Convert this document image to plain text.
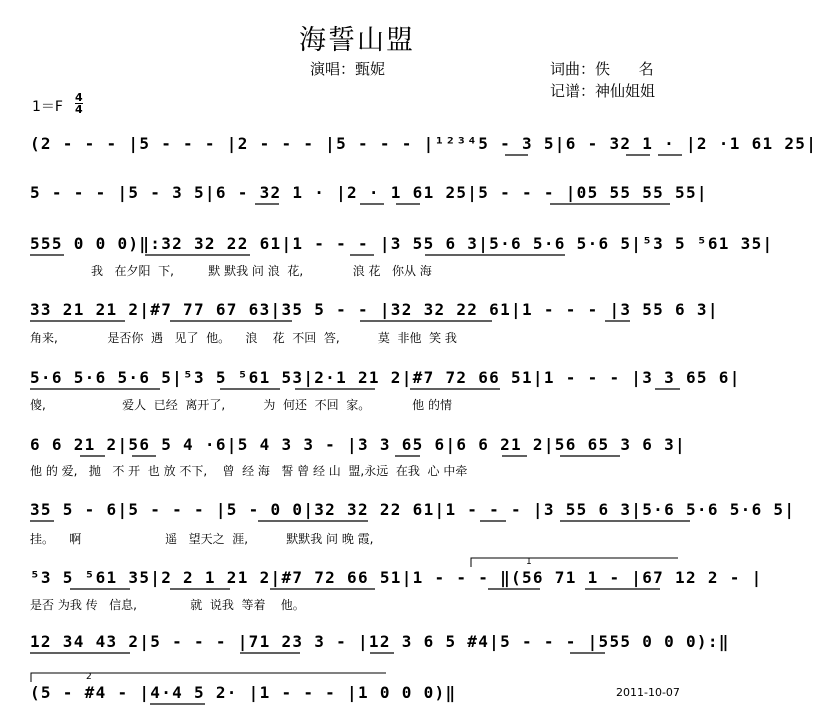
海誓山盟
演唱：甄妮	词曲：佚      名
记谱：神仙姐姐
1＝F
4
4
(2 - - - |5 - - - |2 - - - |5 - - - |¹²³⁴5 - 3 5|6 - 32 1 · |2 ·1 61 25|
5 - - - |5 - 3 5|6 - 32 1 · |2 · 1 61 25|5 - - - |05 55 55 55|
555 0 0 0)‖:32 32 22 61|1 - - - |3 55 6 3|5·6 5·6 5·6 5|⁵3 5 ⁵61 35|
我   在夕阳  下,         默 默我 问 浪  花,             浪 花   你从 海
33 21 21 2|#7 77 67 63|35 5 - - |32 32 22 61|1 - - - |3 55 6 3|
角来,             是否你  遇   见了  他。    浪    花  不回  答,          莫  非他  笑 我
5·6 5·6 5·6 5|⁵3 5 ⁵61 53|2·1 21 2|#7 72 66 51|1 - - - |3 3 65 6|
傻,                    爱人  已经  离开了,          为  何还  不回  家。           他 的情
6 6 21 2|56 5 4 ·6|5 4 3 3 - |3 3 65 6|6 6 21 2|56 65 3 6 3|
他 的 爱,   抛   不 开  也 放 不下,    曾  经 海   誓 曾 经 山  盟,永远  在我  心 中牵
35 5 - 6|5 - - - |5 - 0 0|32 32 22 61|1 - - - |3 55 6 3|5·6 5·6 5·6 5|
挂。    啊                      遥   望天之  涯,          默默我 问 晚 霞,
⁵3 5 ⁵61 35|2 2 1 21 2|#7 72 66 51|1 - - - ‖(56 71 1 - |67 12 2 - |
是否 为我 传   信息,              就  说我  等着    他。
1
12 34 43 2|5 - - - |71 23 3 - |12 3 6 5 #4|5 - - - |555 0 0 0):‖
2
(5 - #4 - |4·4 5 2· |1 - - - |1 0 0 0)‖	2011-10-07
